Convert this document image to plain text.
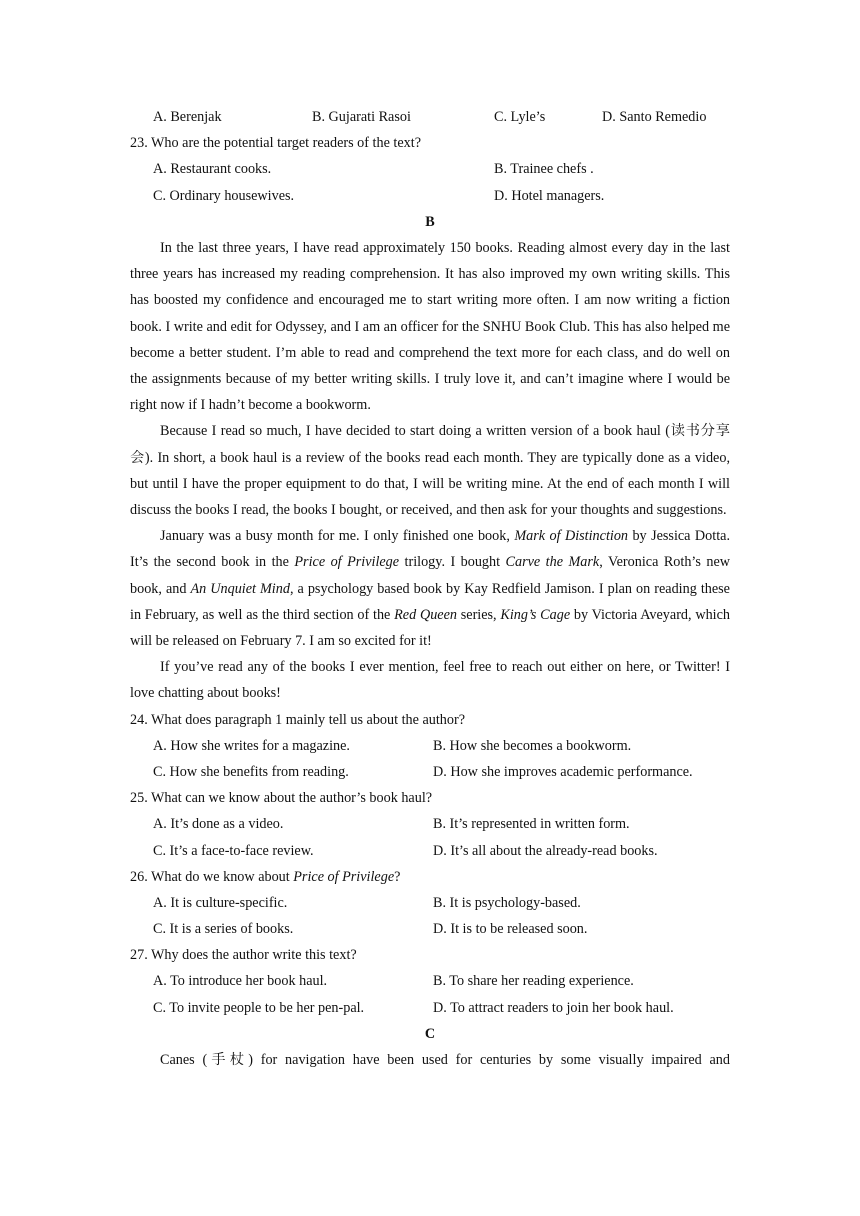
A. Berenjak	B. Gujarati Rasoi	C. Lyle’s	D. Santo Remedio
23. Who are the potential target readers of the text?
A. Restaurant cooks.	B. Trainee chefs .
C. Ordinary housewives.	D. Hotel managers.
B

In the last three years, I have read approximately 150 books. Reading almost every day in the last three years has increased my reading comprehension. It has also improved my own writing skills. This has boosted my confidence and encouraged me to start writing more often. I am now writing a fiction book. I write and edit for Odyssey, and I am an officer for the SNHU Book Club. This has also helped me become a better student. I’m able to read and comprehend the text more for each class, and do well on the assignments because of my better writing skills. I truly love it, and can’t imagine where I would be right now if I hadn’t become a bookworm.

Because I read so much, I have decided to start doing a written version of a book haul (读书分享会). In short, a book haul is a review of the books read each month. They are typically done as a video, but until I have the proper equipment to do that, I will be writing mine. At the end of each month I will discuss the books I read, the books I bought, or received, and then ask for your thoughts and suggestions.

January was a busy month for me. I only finished one book, Mark of Distinction by Jessica Dotta. It’s the second book in the Price of Privilege trilogy. I bought Carve the Mark, Veronica Roth’s new book, and An Unquiet Mind, a psychology based book by Kay Redfield Jamison. I plan on reading these in February, as well as the third section of the Red Queen series, King’s Cage by Victoria Aveyard, which will be released on February 7. I am so excited for it!

If you’ve read any of the books I ever mention, feel free to reach out either on here, or Twitter! I love chatting about books!

24. What does paragraph 1 mainly tell us about the author?
A. How she writes for a magazine.	B. How she becomes a bookworm.
C. How she benefits from reading.	D. How she improves academic performance.
25. What can we know about the author’s book haul?
A. It’s done as a video.	B. It’s represented in written form.
C. It’s a face-to-face review.	D. It’s all about the already-read books.
26. What do we know about Price of Privilege?
A. It is culture-specific.	B. It is psychology-based.
C. It is a series of books.	D. It is to be released soon.
27. Why does the author write this text?
A. To introduce her book haul.	B. To share her reading experience.
C. To invite people to be her pen-pal.	D. To attract readers to join her book haul.
C

Canes (手杖) for navigation have been used for centuries by some visually impaired and
